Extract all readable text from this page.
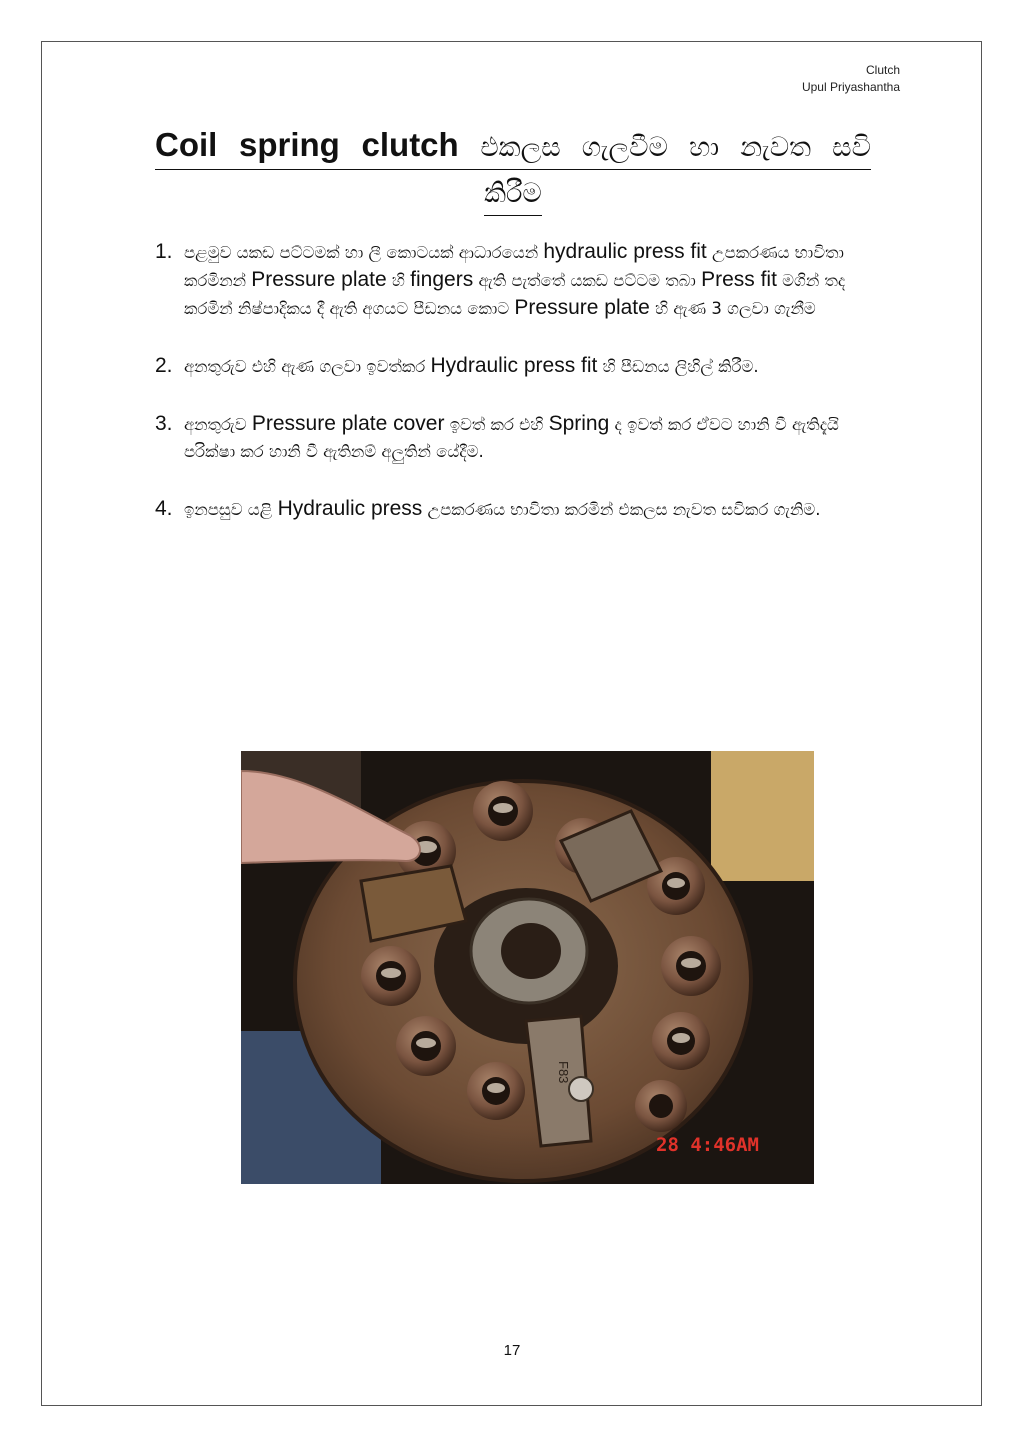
Clutch
Upul Priyashantha
Coil spring clutch එකලස ගැලවීම හා නැවත සවි
කිරීම
1. පළමුව යකඩ පට්ටමක් හා ලී කොටයක් ආධාරයෙන් hydraulic press fit උපකරණය භාවිතා කරමිනන් Pressure plate හි fingers ඇති පැත්තේ යකඩ පට්ටම තබා Press fit මගින් තද කරමින් නිෂ්පාදිකය දී ඇති අගයට පීඩනය කොට Pressure plate හි ඇණ 3 ගලවා ගැනීම
2. අනතුරුව එහි ඇණ ගලවා ඉවත්කර Hydraulic press fit හි පීඩනය ලිහිල් කිරීම.
3. අනතුරුව Pressure plate cover ඉවත් කර එහි Spring ද ඉවත් කර ඒවට හානි වී ඇතිදැයි පරික්ෂා කර හානි වී ඇතිනම් අලුතින් යේදීම.
4. ඉනපසුව යළි Hydraulic press උපකරණය භාවිතා කරමින් එකලස නැවත සවිකර ගැනිම.
F83
28 4:46AM
17
